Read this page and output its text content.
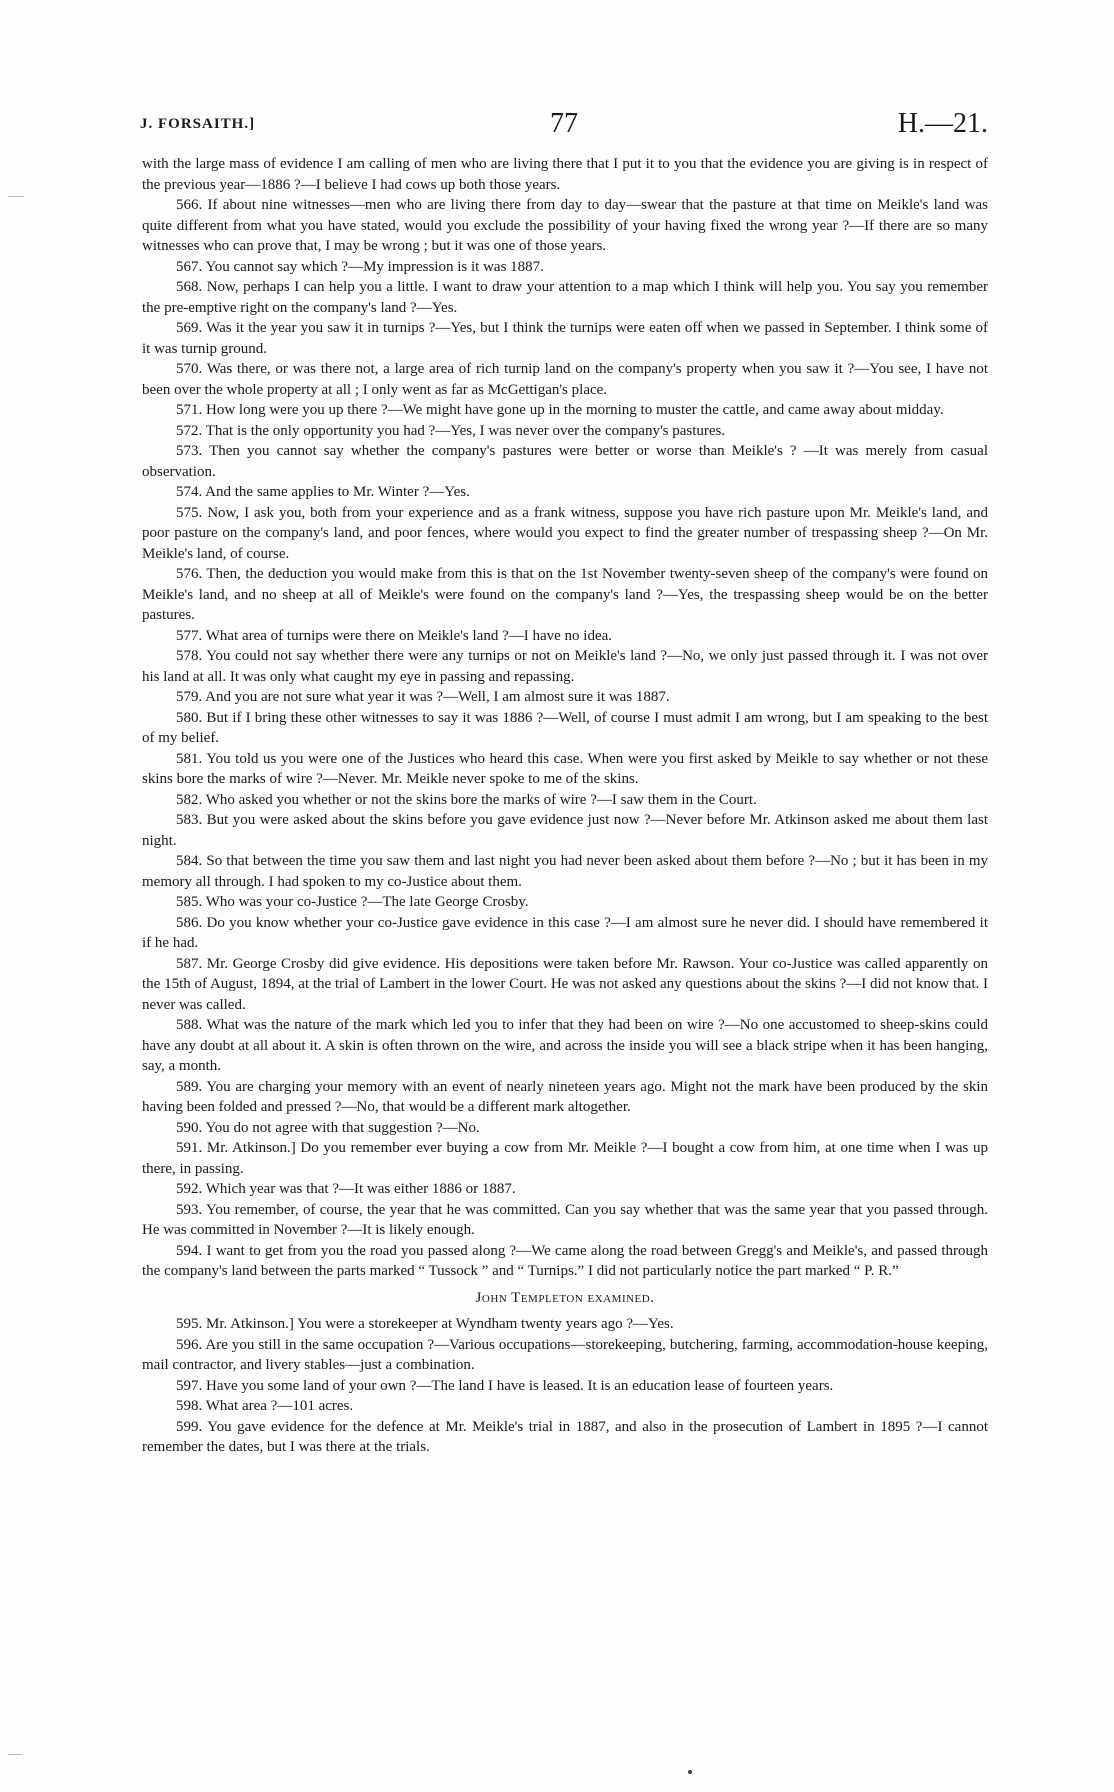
J. FORSAITH.]	77	H.—21.

with the large mass of evidence I am calling of men who are living there that I put it to you that the evidence you are giving is in respect of the previous year—1886 ?—I believe I had cows up both those years.

566. If about nine witnesses—men who are living there from day to day—swear that the pasture at that time on Meikle's land was quite different from what you have stated, would you exclude the possibility of your having fixed the wrong year ?—If there are so many witnesses who can prove that, I may be wrong ; but it was one of those years.

567. You cannot say which ?—My impression is it was 1887.

568. Now, perhaps I can help you a little. I want to draw your attention to a map which I think will help you. You say you remember the pre-emptive right on the company's land ?—Yes.

569. Was it the year you saw it in turnips ?—Yes, but I think the turnips were eaten off when we passed in September. I think some of it was turnip ground.

570. Was there, or was there not, a large area of rich turnip land on the company's property when you saw it ?—You see, I have not been over the whole property at all ; I only went as far as McGettigan's place.

571. How long were you up there ?—We might have gone up in the morning to muster the cattle, and came away about midday.

572. That is the only opportunity you had ?—Yes, I was never over the company's pastures.

573. Then you cannot say whether the company's pastures were better or worse than Meikle's ? —It was merely from casual observation.

574. And the same applies to Mr. Winter ?—Yes.

575. Now, I ask you, both from your experience and as a frank witness, suppose you have rich pasture upon Mr. Meikle's land, and poor pasture on the company's land, and poor fences, where would you expect to find the greater number of trespassing sheep ?—On Mr. Meikle's land, of course.

576. Then, the deduction you would make from this is that on the 1st November twenty-seven sheep of the company's were found on Meikle's land, and no sheep at all of Meikle's were found on the company's land ?—Yes, the trespassing sheep would be on the better pastures.

577. What area of turnips were there on Meikle's land ?—I have no idea.

578. You could not say whether there were any turnips or not on Meikle's land ?—No, we only just passed through it. I was not over his land at all. It was only what caught my eye in passing and repassing.

579. And you are not sure what year it was ?—Well, I am almost sure it was 1887.

580. But if I bring these other witnesses to say it was 1886 ?—Well, of course I must admit I am wrong, but I am speaking to the best of my belief.

581. You told us you were one of the Justices who heard this case. When were you first asked by Meikle to say whether or not these skins bore the marks of wire ?—Never. Mr. Meikle never spoke to me of the skins.

582. Who asked you whether or not the skins bore the marks of wire ?—I saw them in the Court.

583. But you were asked about the skins before you gave evidence just now ?—Never before Mr. Atkinson asked me about them last night.

584. So that between the time you saw them and last night you had never been asked about them before ?—No ; but it has been in my memory all through. I had spoken to my co-Justice about them.

585. Who was your co-Justice ?—The late George Crosby.

586. Do you know whether your co-Justice gave evidence in this case ?—I am almost sure he never did. I should have remembered it if he had.

587. Mr. George Crosby did give evidence. His depositions were taken before Mr. Rawson. Your co-Justice was called apparently on the 15th of August, 1894, at the trial of Lambert in the lower Court. He was not asked any questions about the skins ?—I did not know that. I never was called.

588. What was the nature of the mark which led you to infer that they had been on wire ?—No one accustomed to sheep-skins could have any doubt at all about it. A skin is often thrown on the wire, and across the inside you will see a black stripe when it has been hanging, say, a month.

589. You are charging your memory with an event of nearly nineteen years ago. Might not the mark have been produced by the skin having been folded and pressed ?—No, that would be a different mark altogether.

590. You do not agree with that suggestion ?—No.

591. Mr. Atkinson.] Do you remember ever buying a cow from Mr. Meikle ?—I bought a cow from him, at one time when I was up there, in passing.

592. Which year was that ?—It was either 1886 or 1887.

593. You remember, of course, the year that he was committed. Can you say whether that was the same year that you passed through. He was committed in November ?—It is likely enough.

594. I want to get from you the road you passed along ?—We came along the road between Gregg's and Meikle's, and passed through the company's land between the parts marked “ Tussock ” and “ Turnips.” I did not particularly notice the part marked “ P. R.”

John Templeton examined.

595. Mr. Atkinson.] You were a storekeeper at Wyndham twenty years ago ?—Yes.

596. Are you still in the same occupation ?—Various occupations—storekeeping, butchering, farming, accommodation-house keeping, mail contractor, and livery stables—just a combination.

597. Have you some land of your own ?—The land I have is leased. It is an education lease of fourteen years.

598. What area ?—101 acres.

599. You gave evidence for the defence at Mr. Meikle's trial in 1887, and also in the prosecution of Lambert in 1895 ?—I cannot remember the dates, but I was there at the trials.
